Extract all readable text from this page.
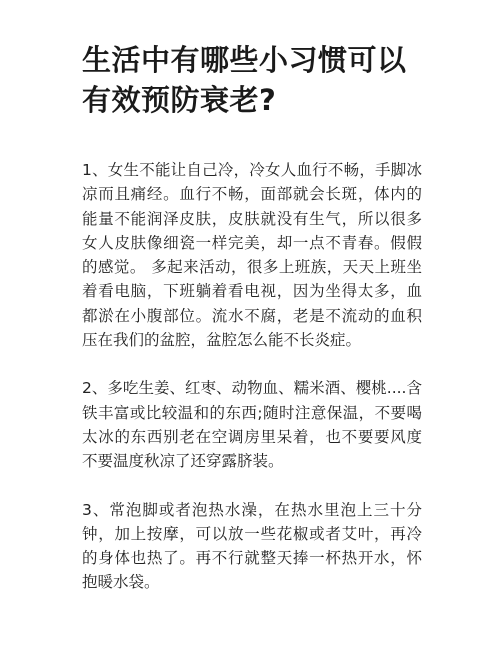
生活中有哪些小习惯可以
有效预防衰老?

1、女生不能让自己冷，冷女人血行不畅，手脚冰凉而且痛经。血行不畅，面部就会长斑，体内的能量不能润泽皮肤，皮肤就没有生气，所以很多女人皮肤像细瓷一样完美，却一点不青春。假假的感觉。 多起来活动，很多上班族，天天上班坐着看电脑，下班躺着看电视，因为坐得太多，血都淤在小腹部位。流水不腐，老是不流动的血积压在我们的盆腔，盆腔怎么能不长炎症。

2、多吃生姜、红枣、动物血、糯米酒、樱桃....含铁丰富或比较温和的东西;随时注意保温，不要喝太冰的东西别老在空调房里呆着，也不要要风度不要温度秋凉了还穿露脐装。

3、常泡脚或者泡热水澡，在热水里泡上三十分钟，加上按摩，可以放一些花椒或者艾叶，再冷的身体也热了。再不行就整天捧一杯热开水，怀抱暖水袋。
